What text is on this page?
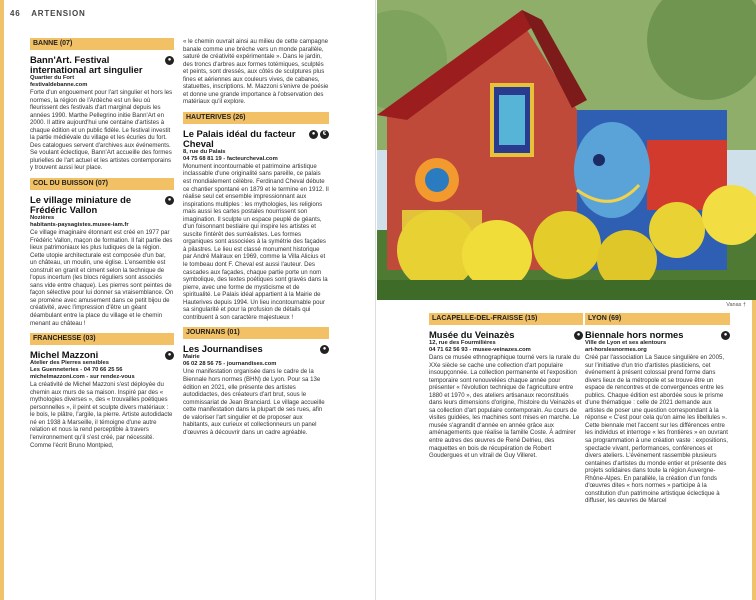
46 ARTENSION
BANNE (07)
Bann'Art. Festival international art singulier
●
Quartier du Fort
festivaldebanne.com
Forte d'un engouement pour l'art singulier et hors les normes, la région de l'Ardèche est un lieu où fleurissent des festivals d'art marginal depuis les années 1990. Marthe Pellegrino initie Bann'Art en 2000. Il attire aujourd'hui une centaine d'artistes à chaque édition et un public fidèle. Le festival investit la partie médiévale du village et les écuries du fort. Des catalogues servent d'archives aux événements. Se voulant éclectique, Bann'Art accueille des formes plurielles de l'art actuel et les artistes contemporains y trouvent aussi leur place.
COL DU BUISSON (07)
Le village miniature de Frédéric Vallon
●
Nozières
habitants-paysagistes.musee-iam.fr
Ce village imaginaire étonnant est créé en 1977 par Frédéric Vallon, maçon de formation. Il fait partie des lieux patrimoniaux les plus ludiques de la région. Cette utopie architecturale est composée d'un bar, un château, un moulin, une église. L'ensemble est construit en granit et ciment selon la technique de l'opus incertum (les blocs réguliers sont associés sans vide entre chaque). Les pierres sont peintes de façon sélective pour lui donner sa vraisemblance. On se promène avec amusement dans ce petit bijou de créativité, avec l'impression d'être un géant déambulant entre la place du village et le chemin menant au château !
FRANCHESSE (03)
Michel Mazzoni	●
Atelier des Pierres sensibles
Les Guenneteries - 04 70 66 25 56
michelmazzoni.com - sur rendez-vous
La créativité de Michel Mazzoni s'est déployée du chemin aux murs de sa maison. Inspiré par des « mythologies diverses », des « trouvailles poétiques personnelles », il peint et sculpte divers matériaux : le bois, le plâtre, l'argile, la pierre. Artiste autodidacte né en 1938 à Marseille, il témoigne d'une autre relation et nous la rend perceptible à travers l'environnement qu'il s'est créé, par nécessité. Comme l'écrit Bruno Montpied,
« le chemin ouvrait ainsi au milieu de cette campagne banale comme une brèche vers un monde parallèle, saturé de créativité expérimentale ». Dans le jardin, des troncs d'arbres aux formes totémiques, sculptés et peints, sont dressés, aux côtés de sculptures plus fines et aériennes aux couleurs vives, de cabanes, statuettes, inscriptions. M. Mazzoni s'enivre de poésie et donne une grande importance à l'observation des matériaux qu'il explore.
HAUTERIVES (26)
Le Palais idéal du facteur Cheval
●	€
8, rue du Palais
04 75 68 81 19 - facteurcheval.com
Monument incontournable et patrimoine artistique inclassable d'une originalité sans pareille, ce palais est mondialement célèbre. Ferdinand Cheval débute ce chantier spontané en 1879 et le termine en 1912. Il réalise seul cet ensemble impressionnant aux inspirations multiples : les mythologies, les religions mais aussi les cartes postales nourrissent son imagination. Il sculpte un espace peuplé de géants, d'un foisonnant bestiaire qui inspire les artistes et suscite l'intérêt des surréalistes. Les formes organiques sont associées à la symétrie des façades à pilastres. Le lieu est classé monument historique par André Malraux en 1969, comme la Villa Alicius et le tombeau dont F. Cheval est aussi l'auteur. Des cascades aux façades, chaque partie porte un nom symbolique, des textes poétiques sont gravés dans la pierre, avec une forme de mysticisme et de spiritualité. Le Palais idéal appartient à la Mairie de Hauterives depuis 1994. Un lieu incontournable pour sa singularité et pour la profusion de détails qui contribuent à son caractère majestueux !
JOURNANS (01)
Les Journandises	●
Mairie
06 02 28 56 75 - journandises.com
Une manifestation organisée dans le cadre de la Biennale hors normes (BHN) de Lyon. Pour sa 13e édition en 2021, elle présente des artistes autodidactes, des créateurs d'art brut, sous le commissariat de Jean Branciard. Le village accueille cette manifestation dans la plupart de ses rues, afin de valoriser l'art singulier et de proposer aux habitants, aux curieux et collectionneurs un panel d'œuvres à découvrir dans un cadre agréable.
Vanas †
LACAPELLE-DEL-FRAISSE (15)
Musée du Veinazès	●
12, rue des Fourmilières
04 71 62 56 93 - musee-veinazes.com
Dans ce musée ethnographique tourné vers la rurale du XXe siècle se cache une collection d'art populaire insoupçonnée. La collection permanente et l'exposition temporaire sont renouvelées chaque année pour présenter « l'évolution technique de l'agriculture entre 1880 et 1970 », des ateliers artisanaux reconstitués dans leurs dimensions d'origine, l'histoire du Veinazès et sa collection d'art populaire contemporain. Au cours de visites guidées, les machines sont mises en marche. Le musée s'agrandit d'année en année grâce aux aménagements que réalise la famille Coste. À admirer entre autres des œuvres de René Delrieu, des maquettes en bois de récupération de Robert Goudergues et un vitrail de Guy Villeret.
LYON (69)
Biennale hors normes	●
Ville de Lyon et ses alentours
art-horslesnormes.org
Créé par l'association La Sauce singulière en 2005, sur l'initiative d'un trio d'artistes plasticiens, cet événement à présent colossal prend forme dans divers lieux de la métropole et se trouve être un espace de rencontres et de convergences entre les publics. Chaque édition est abordée sous le prisme d'une thématique : celle de 2021 demande aux artistes de poser une question correspondant à la réponse « C'est pour cela qu'on aime les libellules ». Cette biennale met l'accent sur les différences entre les individus et interroge « les frontières » en ouvrant sa programmation à une création vaste : expositions, spectacle vivant, performances, conférences et divers ateliers. L'événement rassemble plusieurs centaines d'artistes du monde entier et présente des projets solidaires dans toute la région Auvergne-Rhône-Alpes. En parallèle, la création d'un fonds d'œuvres dites « hors normes » participe à la constitution d'un patrimoine artistique éclectique à diffuser, les œuvres de Marcel
